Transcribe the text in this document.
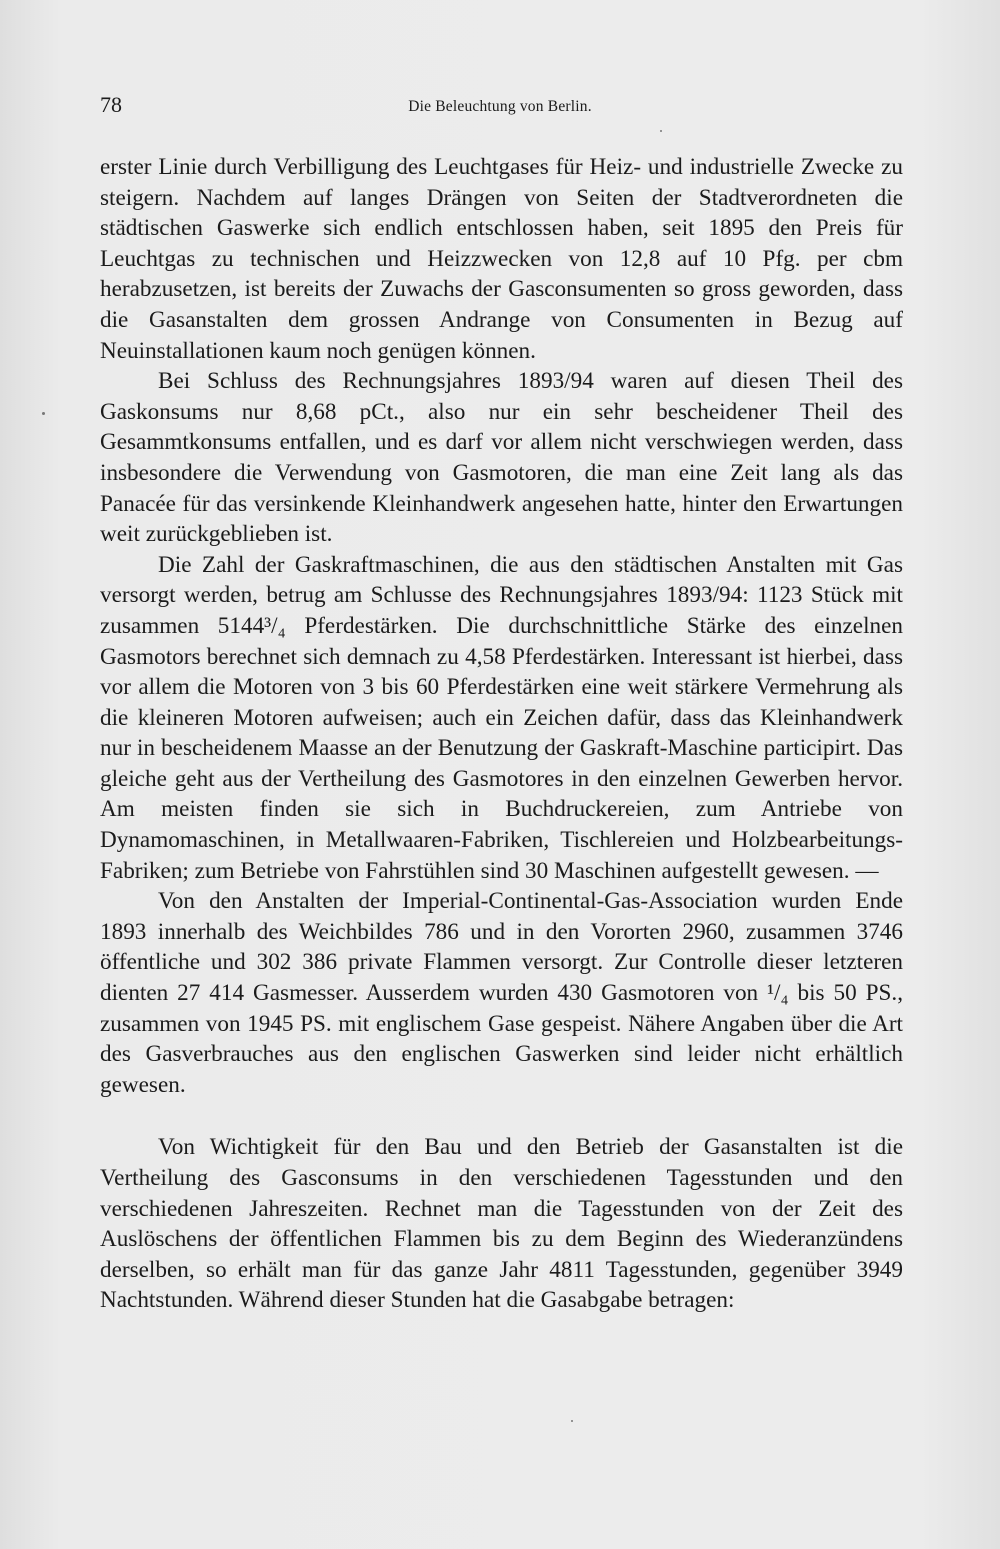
78	Die Beleuchtung von Berlin.

erster Linie durch Verbilligung des Leuchtgases für Heiz- und industrielle Zwecke zu steigern. Nachdem auf langes Drängen von Seiten der Stadtverordneten die städtischen Gaswerke sich endlich entschlossen haben, seit 1895 den Preis für Leuchtgas zu technischen und Heizzwecken von 12,8 auf 10 Pfg. per cbm herabzusetzen, ist bereits der Zuwachs der Gasconsumenten so gross geworden, dass die Gasanstalten dem grossen Andrange von Consumenten in Bezug auf Neuinstallationen kaum noch genügen können.

Bei Schluss des Rechnungsjahres 1893/94 waren auf diesen Theil des Gaskonsums nur 8,68 pCt., also nur ein sehr bescheidener Theil des Gesammtkonsums entfallen, und es darf vor allem nicht verschwiegen werden, dass insbesondere die Verwendung von Gasmotoren, die man eine Zeit lang als das Panacée für das versinkende Kleinhandwerk angesehen hatte, hinter den Erwartungen weit zurückgeblieben ist.

Die Zahl der Gaskraftmaschinen, die aus den städtischen Anstalten mit Gas versorgt werden, betrug am Schlusse des Rechnungsjahres 1893/94: 1123 Stück mit zusammen 5144³/₄ Pferdestärken. Die durchschnittliche Stärke des einzelnen Gasmotors berechnet sich demnach zu 4,58 Pferdestärken. Interessant ist hierbei, dass vor allem die Motoren von 3 bis 60 Pferdestärken eine weit stärkere Vermehrung als die kleineren Motoren aufweisen; auch ein Zeichen dafür, dass das Kleinhandwerk nur in bescheidenem Maasse an der Benutzung der Gaskraft-Maschine participirt. Das gleiche geht aus der Vertheilung des Gasmotores in den einzelnen Gewerben hervor. Am meisten finden sie sich in Buchdruckereien, zum Antriebe von Dynamomaschinen, in Metallwaaren-Fabriken, Tischlereien und Holzbearbeitungs-Fabriken; zum Betriebe von Fahrstühlen sind 30 Maschinen aufgestellt gewesen. —

Von den Anstalten der Imperial-Continental-Gas-Association wurden Ende 1893 innerhalb des Weichbildes 786 und in den Vororten 2960, zusammen 3746 öffentliche und 302 386 private Flammen versorgt. Zur Controlle dieser letzteren dienten 27 414 Gasmesser. Ausserdem wurden 430 Gasmotoren von ¹/₄ bis 50 PS., zusammen von 1945 PS. mit englischem Gase gespeist. Nähere Angaben über die Art des Gasverbrauches aus den englischen Gaswerken sind leider nicht erhältlich gewesen.

Von Wichtigkeit für den Bau und den Betrieb der Gasanstalten ist die Vertheilung des Gasconsums in den verschiedenen Tagesstunden und den verschiedenen Jahreszeiten. Rechnet man die Tagesstunden von der Zeit des Auslöschens der öffentlichen Flammen bis zu dem Beginn des Wiederanzündens derselben, so erhält man für das ganze Jahr 4811 Tagesstunden, gegenüber 3949 Nachtstunden. Während dieser Stunden hat die Gasabgabe betragen:
